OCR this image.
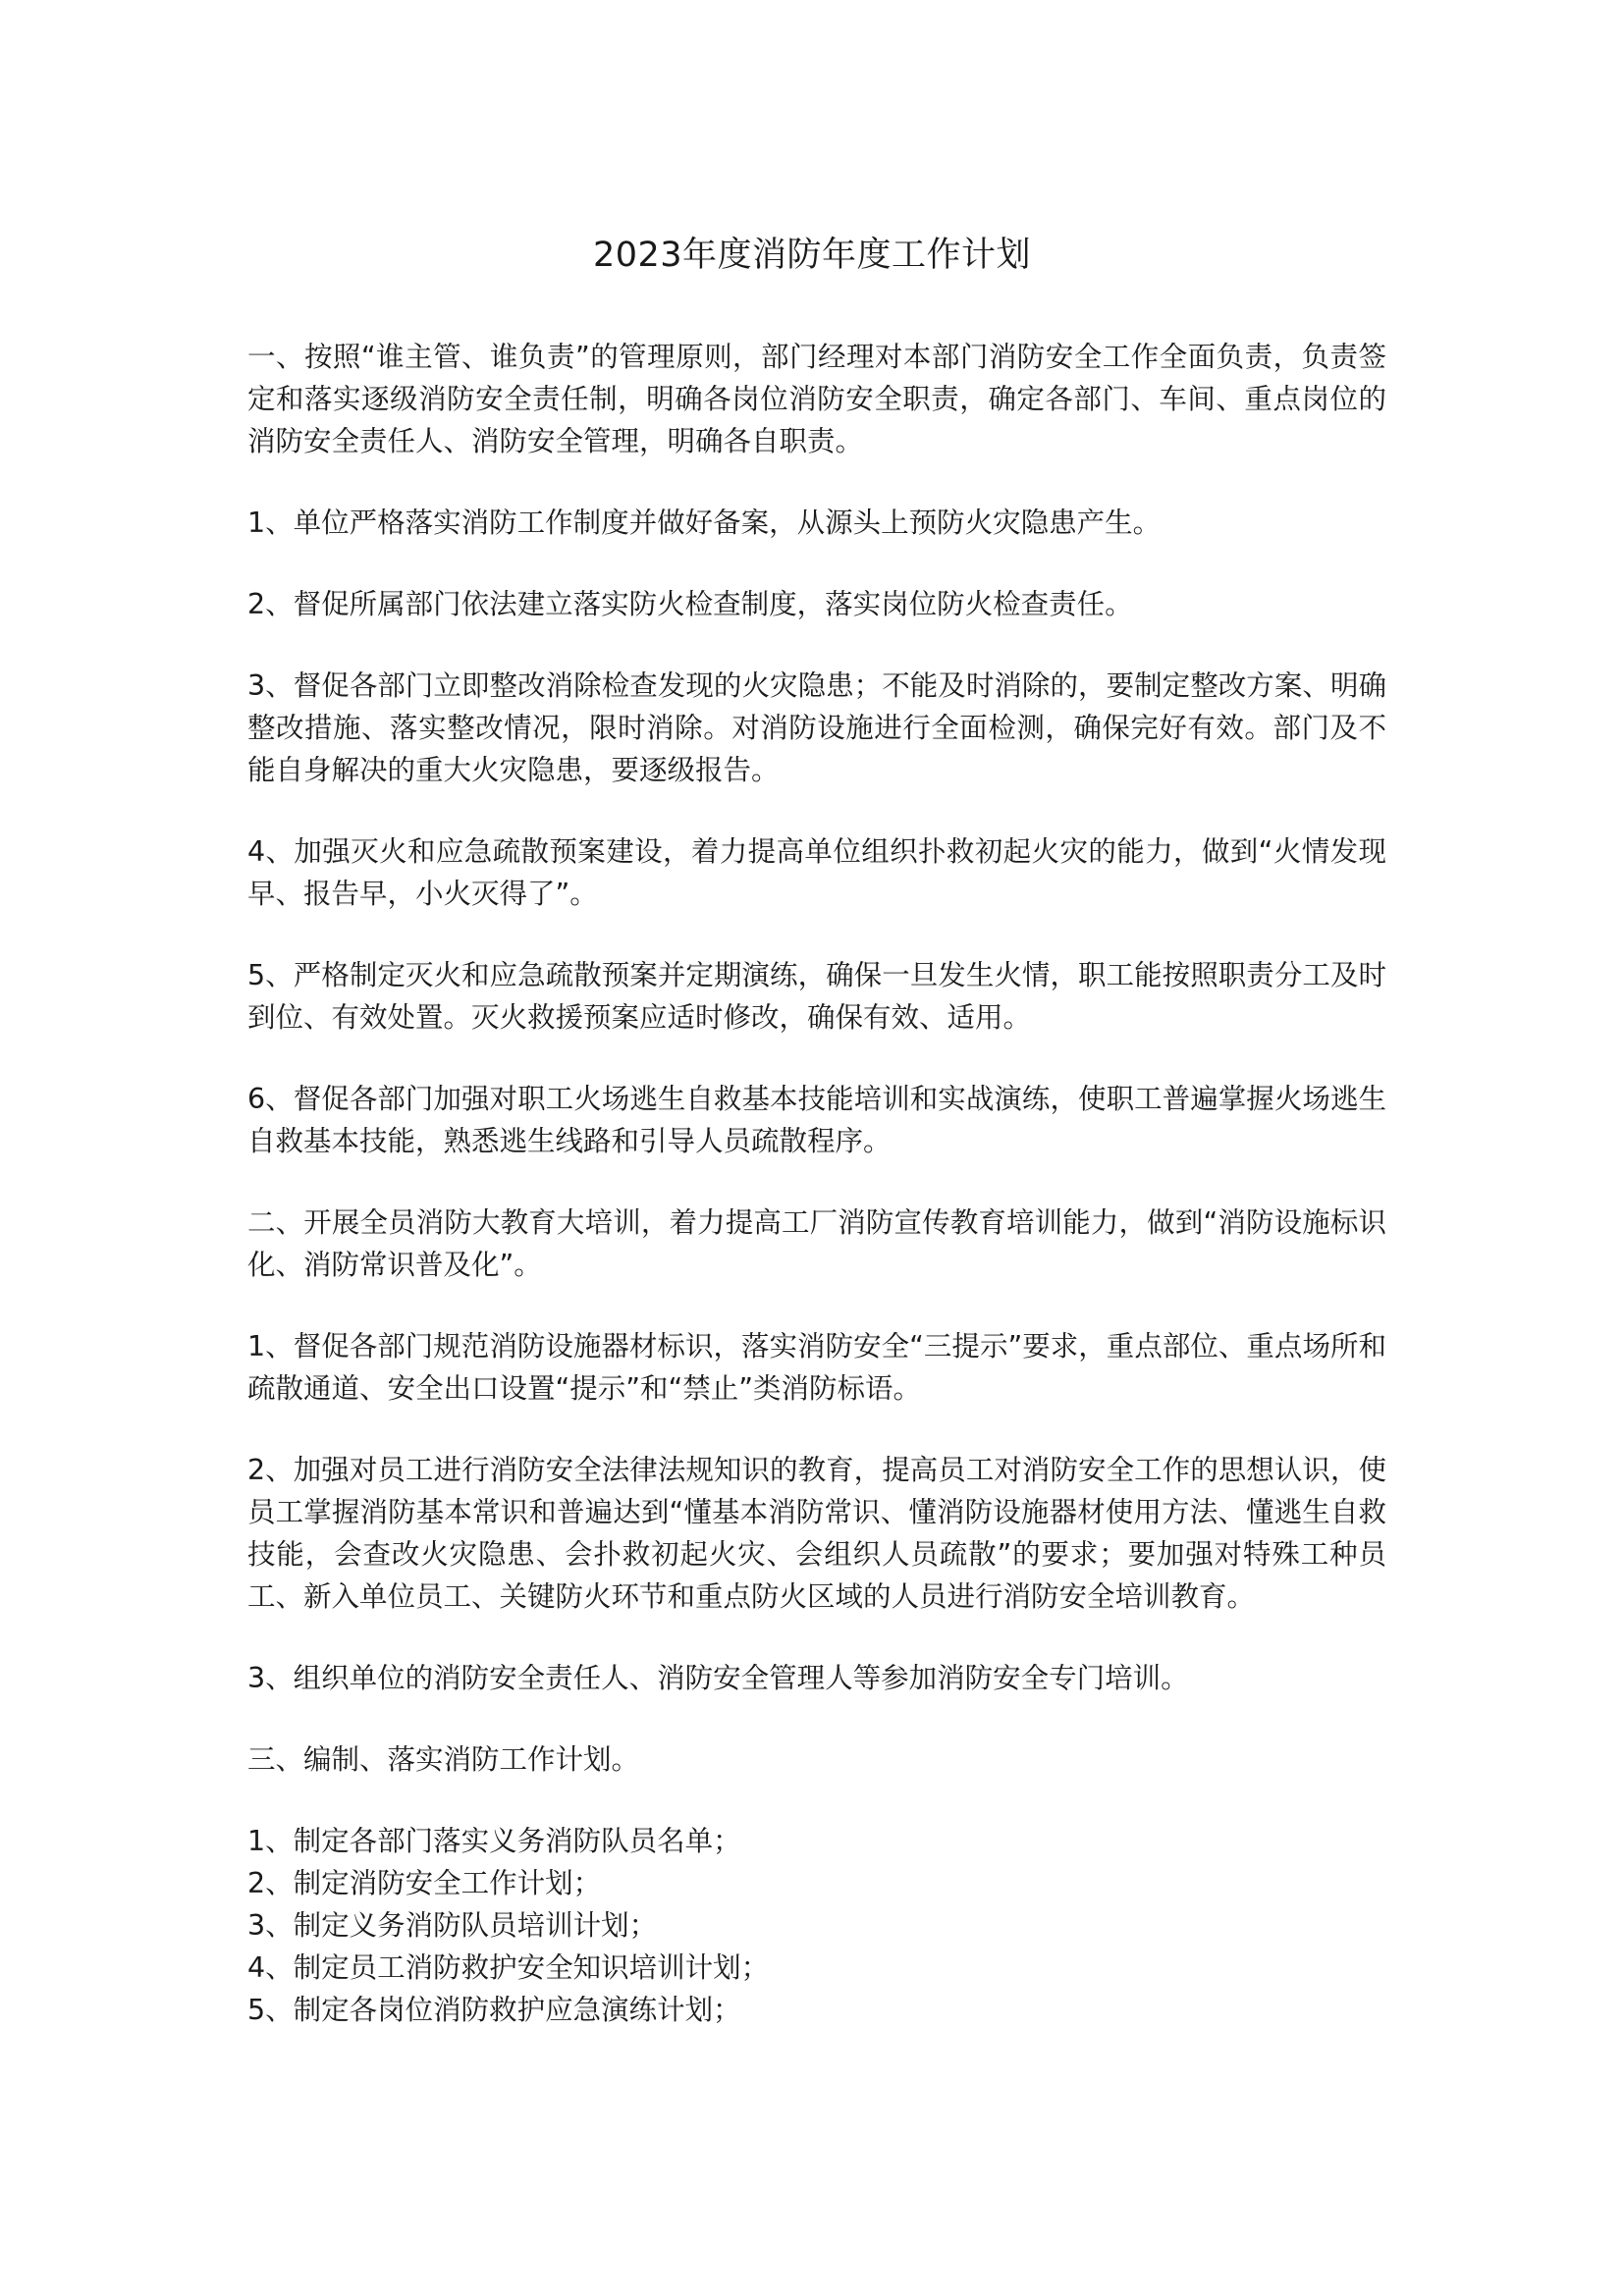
2023年度消防年度工作计划

一、按照“谁主管、谁负责”的管理原则，部门经理对本部门消防安全工作全面负责，负责签定和落实逐级消防安全责任制，明确各岗位消防安全职责，确定各部门、车间、重点岗位的消防安全责任人、消防安全管理，明确各自职责。

1、单位严格落实消防工作制度并做好备案，从源头上预防火灾隐患产生。

2、督促所属部门依法建立落实防火检查制度，落实岗位防火检查责任。

3、督促各部门立即整改消除检查发现的火灾隐患；不能及时消除的，要制定整改方案、明确整改措施、落实整改情况，限时消除。对消防设施进行全面检测，确保完好有效。部门及不能自身解决的重大火灾隐患，要逐级报告。

4、加强灭火和应急疏散预案建设，着力提高单位组织扑救初起火灾的能力，做到“火情发现早、报告早，小火灭得了”。

5、严格制定灭火和应急疏散预案并定期演练，确保一旦发生火情，职工能按照职责分工及时到位、有效处置。灭火救援预案应适时修改，确保有效、适用。

6、督促各部门加强对职工火场逃生自救基本技能培训和实战演练，使职工普遍掌握火场逃生自救基本技能，熟悉逃生线路和引导人员疏散程序。

二、开展全员消防大教育大培训，着力提高工厂消防宣传教育培训能力，做到“消防设施标识化、消防常识普及化”。

1、督促各部门规范消防设施器材标识，落实消防安全“三提示”要求，重点部位、重点场所和疏散通道、安全出口设置“提示”和“禁止”类消防标语。

2、加强对员工进行消防安全法律法规知识的教育，提高员工对消防安全工作的思想认识，使员工掌握消防基本常识和普遍达到“懂基本消防常识、懂消防设施器材使用方法、懂逃生自救技能，会查改火灾隐患、会扑救初起火灾、会组织人员疏散”的要求；要加强对特殊工种员工、新入单位员工、关键防火环节和重点防火区域的人员进行消防安全培训教育。

3、组织单位的消防安全责任人、消防安全管理人等参加消防安全专门培训。

三、编制、落实消防工作计划。

1、制定各部门落实义务消防队员名单；
2、制定消防安全工作计划；
3、制定义务消防队员培训计划；
4、制定员工消防救护安全知识培训计划；
5、制定各岗位消防救护应急演练计划；
